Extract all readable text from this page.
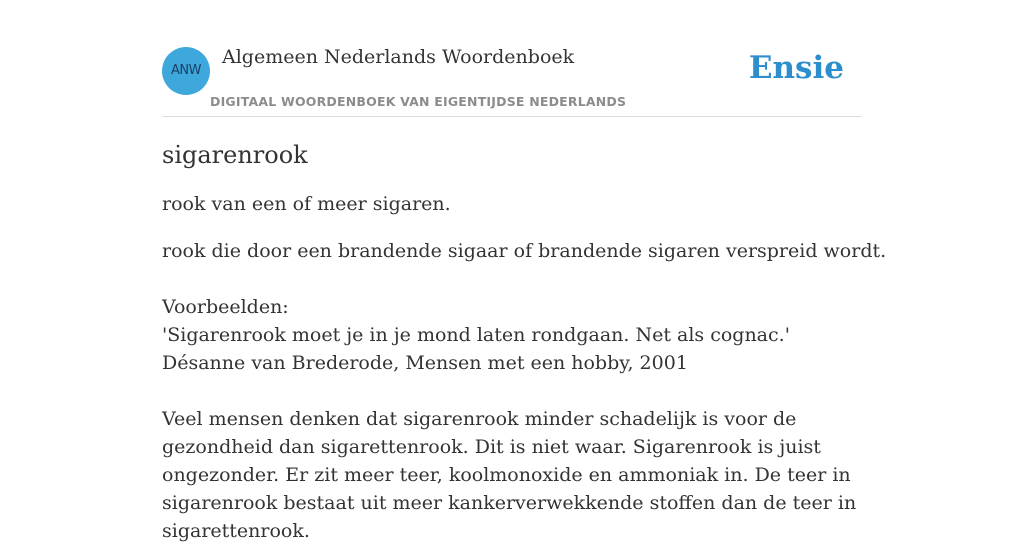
ANW
Algemeen Nederlands Woordenboek
DIGITAAL WOORDENBOEK VAN EIGENTIJDSE NEDERLANDS
Ensie
sigarenrook

rook van een of meer sigaren.

rook die door een brandende sigaar of brandende sigaren verspreid wordt.

Voorbeelden:
'Sigarenrook moet je in je mond laten rondgaan. Net als cognac.'
Désanne van Brederode, Mensen met een hobby, 2001

Veel mensen denken dat sigarenrook minder schadelijk is voor de gezondheid dan sigarettenrook. Dit is niet waar. Sigarenrook is juist ongezonder. Er zit meer teer, koolmonoxide en ammoniak in. De teer in sigarenrook bestaat uit meer kankerverwekkende stoffen dan de teer in sigarettenrook.
